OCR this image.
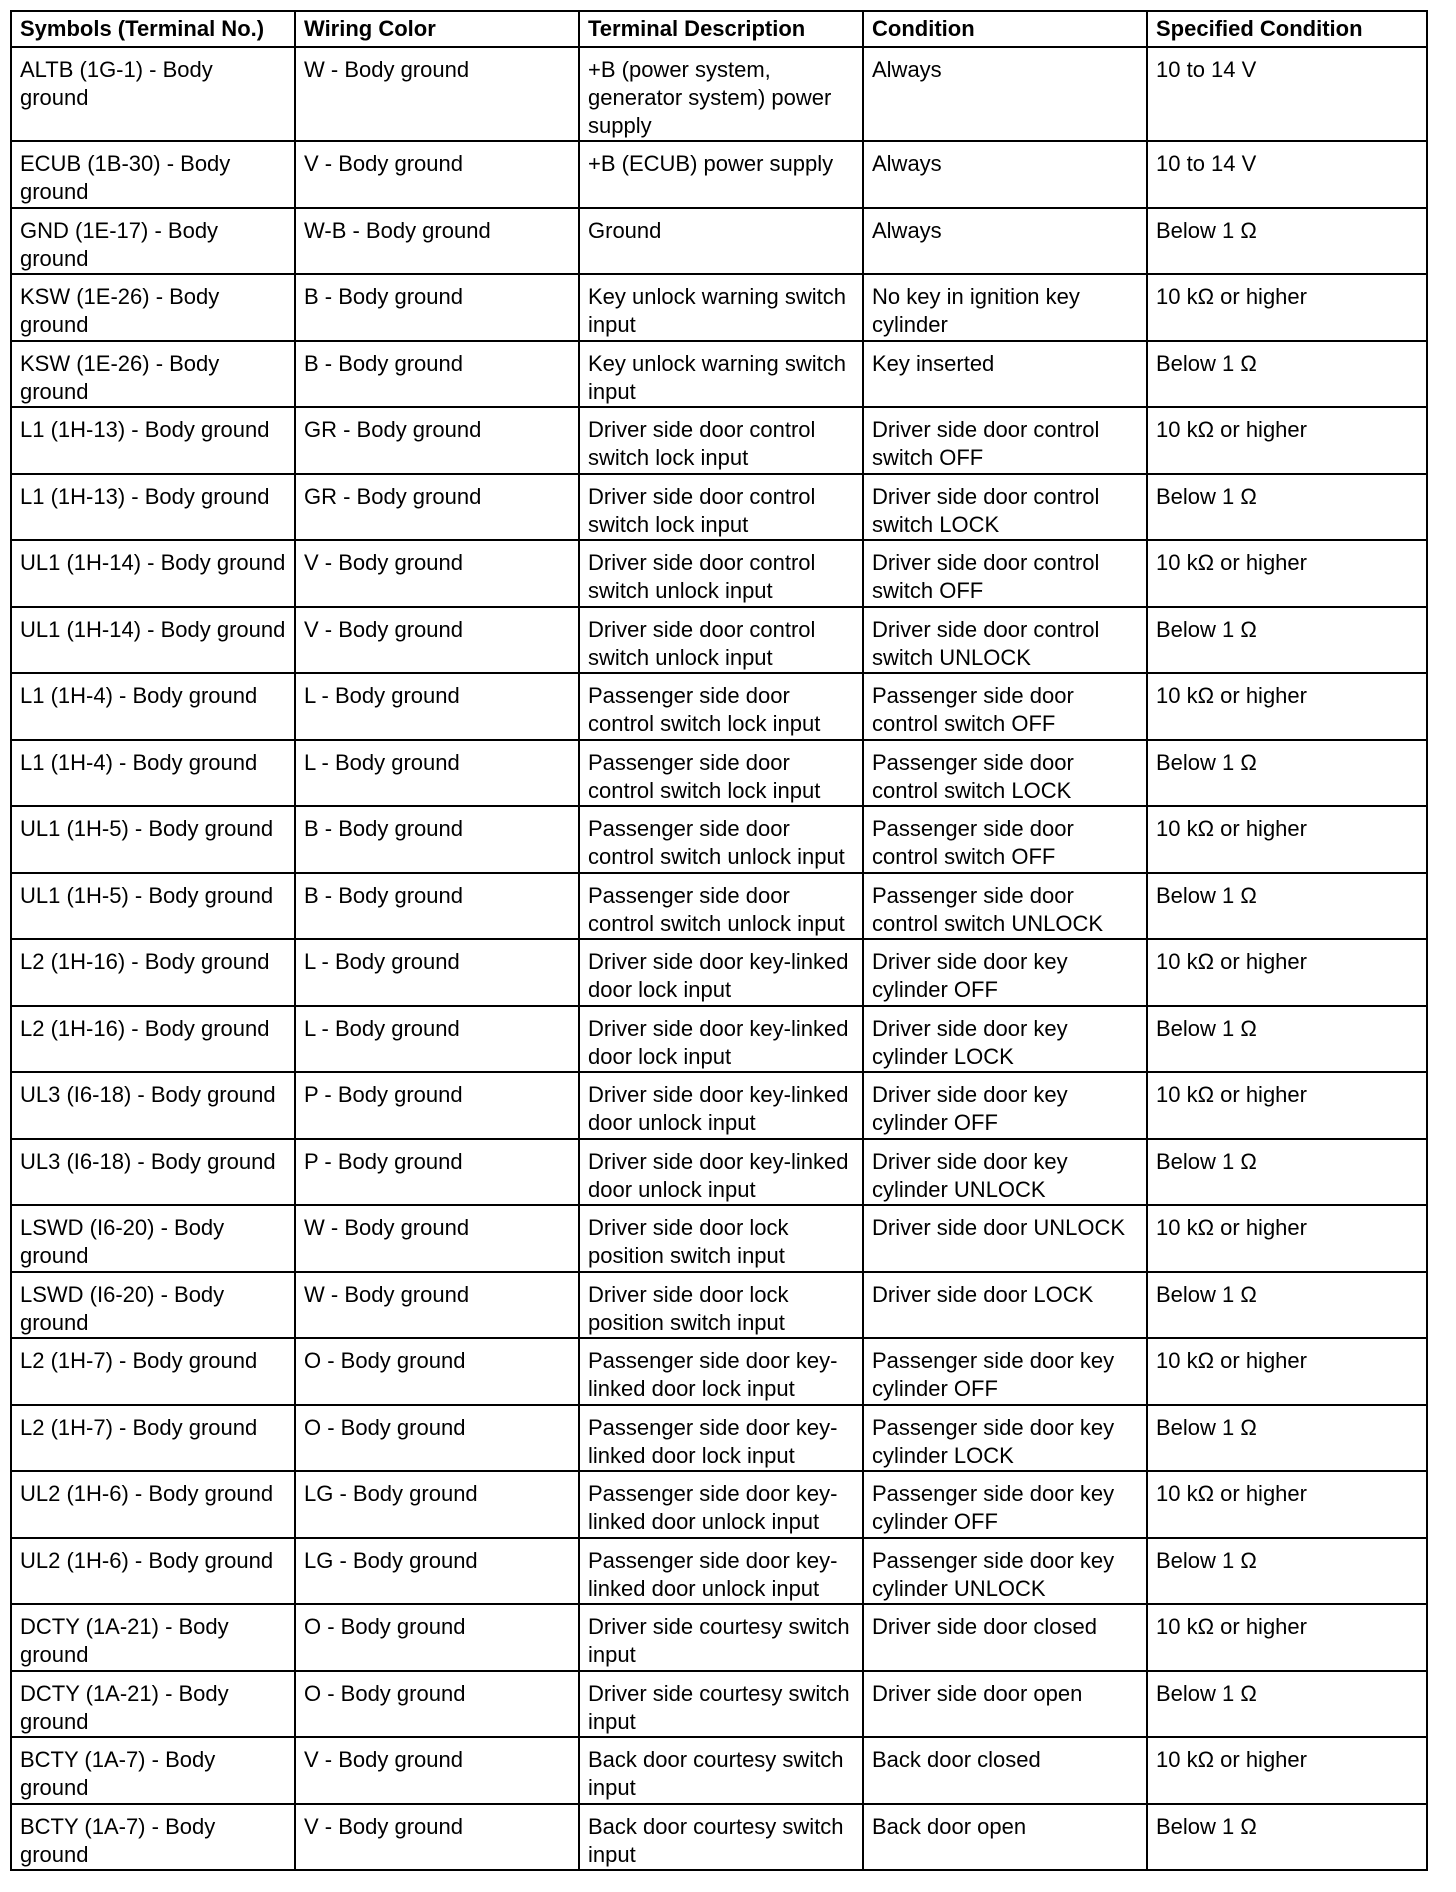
Symbols (Terminal No.)	Wiring Color	Terminal Description	Condition	Specified Condition
ALTB (1G-1) - Body ground	W - Body ground	+B (power system, generator system) power supply	Always	10 to 14 V
ECUB (1B-30) - Body ground	V - Body ground	+B (ECUB) power supply	Always	10 to 14 V
GND (1E-17) - Body ground	W-B - Body ground	Ground	Always	Below 1 Ω
KSW (1E-26) - Body ground	B - Body ground	Key unlock warning switch input	No key in ignition key cylinder	10 kΩ or higher
KSW (1E-26) - Body ground	B - Body ground	Key unlock warning switch input	Key inserted	Below 1 Ω
L1 (1H-13) - Body ground	GR - Body ground	Driver side door control switch lock input	Driver side door control switch OFF	10 kΩ or higher
L1 (1H-13) - Body ground	GR - Body ground	Driver side door control switch lock input	Driver side door control switch LOCK	Below 1 Ω
UL1 (1H-14) - Body ground	V - Body ground	Driver side door control switch unlock input	Driver side door control switch OFF	10 kΩ or higher
UL1 (1H-14) - Body ground	V - Body ground	Driver side door control switch unlock input	Driver side door control switch UNLOCK	Below 1 Ω
L1 (1H-4) - Body ground	L - Body ground	Passenger side door control switch lock input	Passenger side door control switch OFF	10 kΩ or higher
L1 (1H-4) - Body ground	L - Body ground	Passenger side door control switch lock input	Passenger side door control switch LOCK	Below 1 Ω
UL1 (1H-5) - Body ground	B - Body ground	Passenger side door control switch unlock input	Passenger side door control switch OFF	10 kΩ or higher
UL1 (1H-5) - Body ground	B - Body ground	Passenger side door control switch unlock input	Passenger side door control switch UNLOCK	Below 1 Ω
L2 (1H-16) - Body ground	L - Body ground	Driver side door key-linked door lock input	Driver side door key cylinder OFF	10 kΩ or higher
L2 (1H-16) - Body ground	L - Body ground	Driver side door key-linked door lock input	Driver side door key cylinder LOCK	Below 1 Ω
UL3 (I6-18) - Body ground	P - Body ground	Driver side door key-linked door unlock input	Driver side door key cylinder OFF	10 kΩ or higher
UL3 (I6-18) - Body ground	P - Body ground	Driver side door key-linked door unlock input	Driver side door key cylinder UNLOCK	Below 1 Ω
LSWD (I6-20) - Body ground	W - Body ground	Driver side door lock position switch input	Driver side door UNLOCK	10 kΩ or higher
LSWD (I6-20) - Body ground	W - Body ground	Driver side door lock position switch input	Driver side door LOCK	Below 1 Ω
L2 (1H-7) - Body ground	O - Body ground	Passenger side door key-linked door lock input	Passenger side door key cylinder OFF	10 kΩ or higher
L2 (1H-7) - Body ground	O - Body ground	Passenger side door key-linked door lock input	Passenger side door key cylinder LOCK	Below 1 Ω
UL2 (1H-6) - Body ground	LG - Body ground	Passenger side door key-linked door unlock input	Passenger side door key cylinder OFF	10 kΩ or higher
UL2 (1H-6) - Body ground	LG - Body ground	Passenger side door key-linked door unlock input	Passenger side door key cylinder UNLOCK	Below 1 Ω
DCTY (1A-21) - Body ground	O - Body ground	Driver side courtesy switch input	Driver side door closed	10 kΩ or higher
DCTY (1A-21) - Body ground	O - Body ground	Driver side courtesy switch input	Driver side door open	Below 1 Ω
BCTY (1A-7) - Body ground	V - Body ground	Back door courtesy switch input	Back door closed	10 kΩ or higher
BCTY (1A-7) - Body ground	V - Body ground	Back door courtesy switch input	Back door open	Below 1 Ω
